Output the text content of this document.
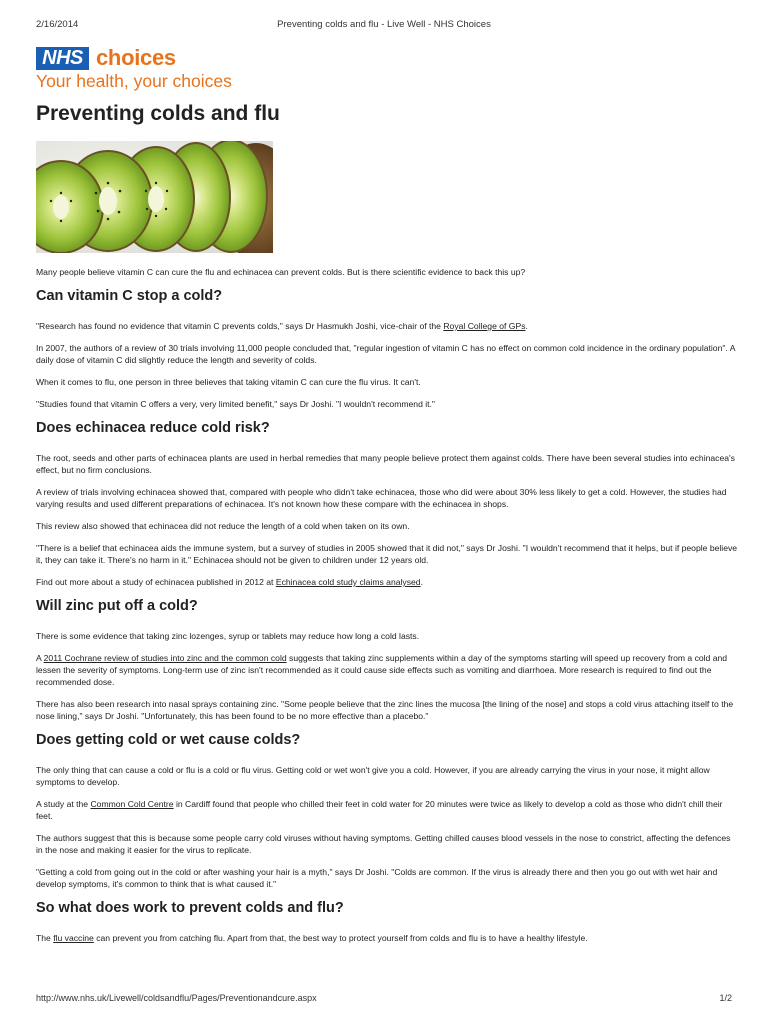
2/16/2014	Preventing colds and flu - Live Well - NHS Choices
NHS choices
Your health, your choices
Preventing colds and flu

Many people believe vitamin C can cure the flu and echinacea can prevent colds. But is there scientific evidence to back this up?

Can vitamin C stop a cold?

"Research has found no evidence that vitamin C prevents colds," says Dr Hasmukh Joshi, vice-chair of the Royal College of GPs.

In 2007, the authors of a review of 30 trials involving 11,000 people concluded that, "regular ingestion of vitamin C has no effect on common cold incidence in the ordinary population". A daily dose of vitamin C did slightly reduce the length and severity of colds.

When it comes to flu, one person in three believes that taking vitamin C can cure the flu virus. It can't.

"Studies found that vitamin C offers a very, very limited benefit," says Dr Joshi. "I wouldn't recommend it."

Does echinacea reduce cold risk?

The root, seeds and other parts of echinacea plants are used in herbal remedies that many people believe protect them against colds. There have been several studies into echinacea's effect, but no firm conclusions.

A review of trials involving echinacea showed that, compared with people who didn't take echinacea, those who did were about 30% less likely to get a cold. However, the studies had varying results and used different preparations of echinacea. It's not known how these compare with the echinacea in shops.

This review also showed that echinacea did not reduce the length of a cold when taken on its own.

"There is a belief that echinacea aids the immune system, but a survey of studies in 2005 showed that it did not," says Dr Joshi. "I wouldn't recommend that it helps, but if people believe it, they can take it. There's no harm in it." Echinacea should not be given to children under 12 years old.

Find out more about a study of echinacea published in 2012 at Echinacea cold study claims analysed.

Will zinc put off a cold?

There is some evidence that taking zinc lozenges, syrup or tablets may reduce how long a cold lasts.

A 2011 Cochrane review of studies into zinc and the common cold suggests that taking zinc supplements within a day of the symptoms starting will speed up recovery from a cold and lessen the severity of symptoms. Long-term use of zinc isn't recommended as it could cause side effects such as vomiting and diarrhoea. More research is required to find out the recommended dose.

There has also been research into nasal sprays containing zinc. "Some people believe that the zinc lines the mucosa [the lining of the nose] and stops a cold virus attaching itself to the nose lining," says Dr Joshi. "Unfortunately, this has been found to be no more effective than a placebo."

Does getting cold or wet cause colds?

The only thing that can cause a cold or flu is a cold or flu virus. Getting cold or wet won't give you a cold. However, if you are already carrying the virus in your nose, it might allow symptoms to develop.

A study at the Common Cold Centre in Cardiff found that people who chilled their feet in cold water for 20 minutes were twice as likely to develop a cold as those who didn't chill their feet.

The authors suggest that this is because some people carry cold viruses without having symptoms. Getting chilled causes blood vessels in the nose to constrict, affecting the defences in the nose and making it easier for the virus to replicate.

"Getting a cold from going out in the cold or after washing your hair is a myth," says Dr Joshi. "Colds are common. If the virus is already there and then you go out with wet hair and develop symptoms, it's common to think that is what caused it."

So what does work to prevent colds and flu?

The flu vaccine can prevent you from catching flu. Apart from that, the best way to protect yourself from colds and flu is to have a healthy lifestyle.

http://www.nhs.uk/Livewell/coldsandflu/Pages/Preventionandcure.aspx	1/2
